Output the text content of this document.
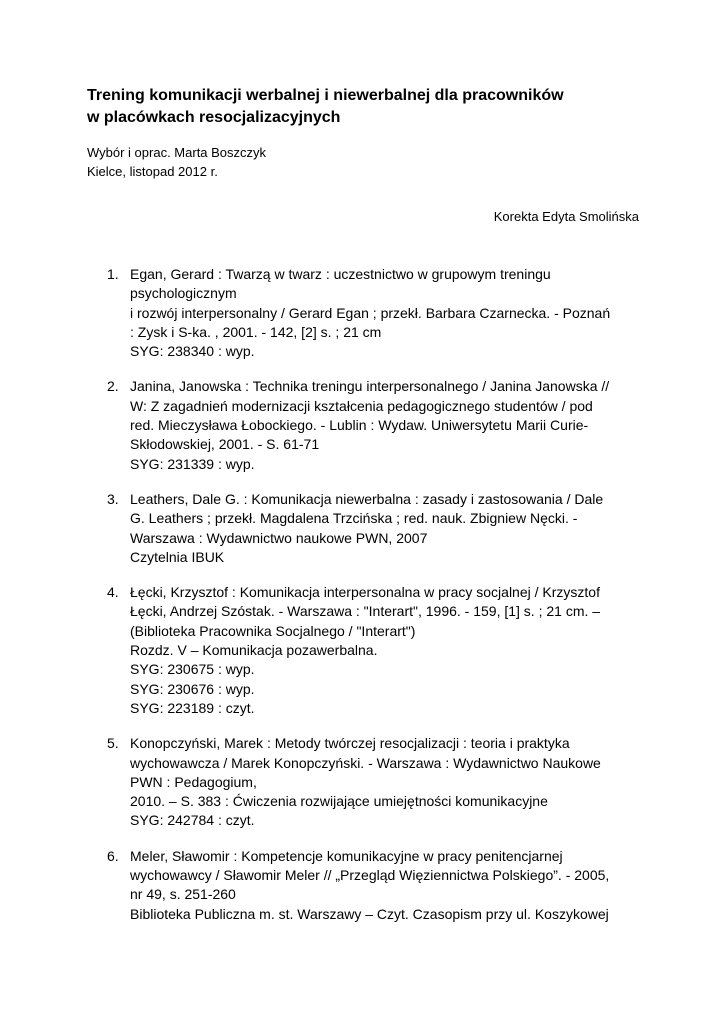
Trening komunikacji werbalnej i niewerbalnej dla pracowników
w placówkach resocjalizacyjnych
Wybór i oprac. Marta Boszczyk
Kielce, listopad 2012 r.
Korekta Edyta Smolińska
1. Egan, Gerard : Twarzą w twarz : uczestnictwo w grupowym treningu
psychologicznym
i rozwój interpersonalny / Gerard Egan ; przekł. Barbara Czarnecka. - Poznań
: Zysk i S-ka. , 2001. - 142, [2] s. ; 21 cm
SYG: 238340 : wyp.
2. Janina, Janowska : Technika treningu interpersonalnego / Janina Janowska //
W: Z zagadnień modernizacji kształcenia pedagogicznego studentów / pod
red. Mieczysława Łobockiego. - Lublin : Wydaw. Uniwersytetu Marii Curie-
Skłodowskiej, 2001. - S. 61-71
SYG: 231339 : wyp.
3. Leathers, Dale G. : Komunikacja niewerbalna : zasady i zastosowania / Dale
G. Leathers ; przekł. Magdalena Trzcińska ; red. nauk. Zbigniew Nęcki. -
Warszawa : Wydawnictwo naukowe PWN, 2007
Czytelnia IBUK
4. Łęcki, Krzysztof : Komunikacja interpersonalna w pracy socjalnej / Krzysztof
Łęcki, Andrzej Szóstak. - Warszawa : "Interart", 1996. - 159, [1] s. ; 21 cm. –
(Biblioteka Pracownika Socjalnego / "Interart")
Rozdz. V – Komunikacja pozawerbalna.
SYG: 230675 : wyp.
SYG: 230676 : wyp.
SYG: 223189 : czyt.
5. Konopczyński, Marek : Metody twórczej resocjalizacji : teoria i praktyka
wychowawcza / Marek Konopczyński. - Warszawa : Wydawnictwo Naukowe
PWN : Pedagogium,
2010. – S. 383 : Ćwiczenia rozwijające umiejętności komunikacyjne
SYG: 242784 : czyt.
6. Meler, Sławomir : Kompetencje komunikacyjne w pracy penitencjarnej
wychowawcy / Sławomir Meler // „Przegląd Więziennictwa Polskiego”. - 2005,
nr 49, s. 251-260
Biblioteka Publiczna m. st. Warszawy – Czyt. Czasopism przy ul. Koszykowej
